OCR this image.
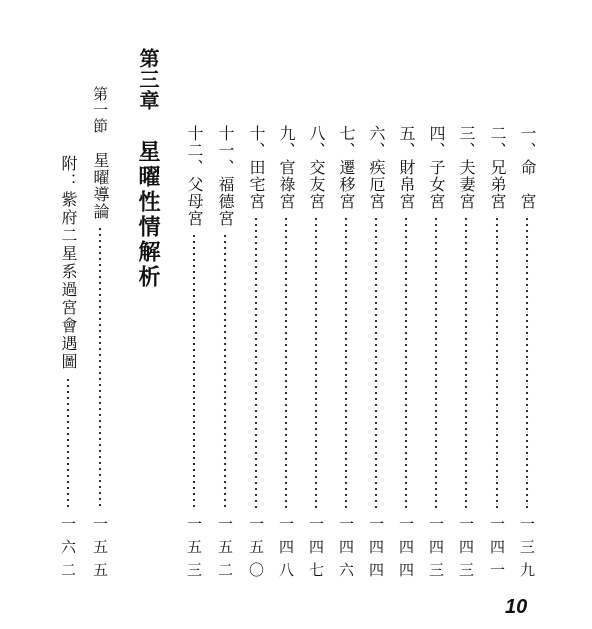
第三章
星曜性情解析
第一節
星曜導論
一五五
附：紫府二星系過宮會遇圖
一六二
一、命　宮
一三九
二、兄弟宮
一四一
三、夫妻宮
一四三
四、子女宮
一四三
五、財帛宮
一四四
六、疾厄宮
一四四
七、遷移宮
一四六
八、交友宮
一四七
九、官祿宮
一四八
十、田宅宮
一五〇
十一、福德宮
一五二
十二、父母宮
一五三
10
